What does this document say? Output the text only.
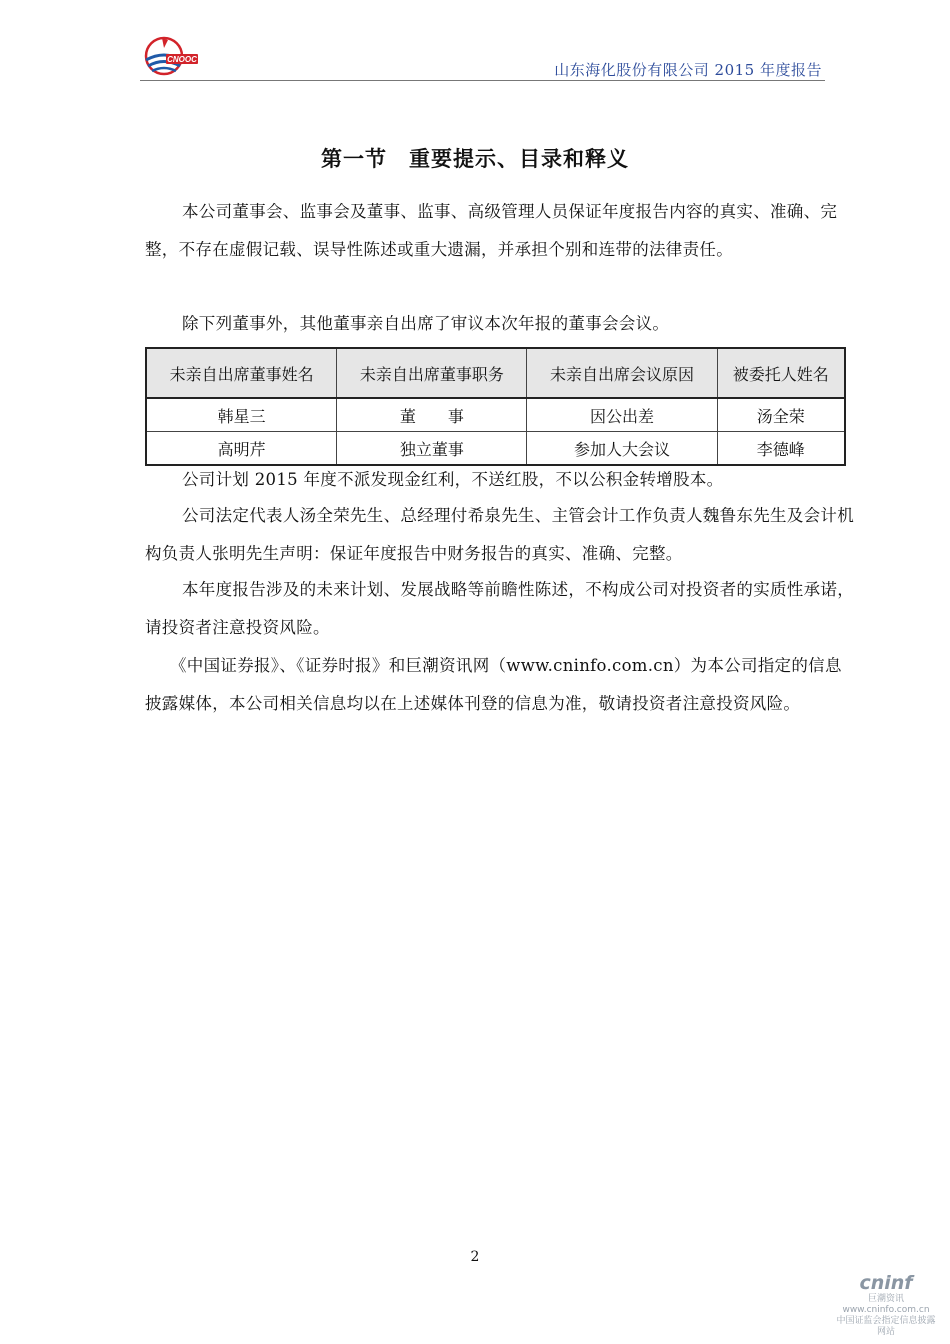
CNOOC
山东海化股份有限公司 2015 年度报告
第一节　重要提示、目录和释义

本公司董事会、监事会及董事、监事、高级管理人员保证年度报告内容的真实、准确、完整，不存在虚假记载、误导性陈述或重大遗漏，并承担个别和连带的法律责任。

除下列董事外，其他董事亲自出席了审议本次年报的董事会会议。

未亲自出席董事姓名	未亲自出席董事职务	未亲自出席会议原因	被委托人姓名
韩星三	董　　事	因公出差	汤全荣
高明芹	独立董事	参加人大会议	李德峰

公司计划 2015 年度不派发现金红利，不送红股，不以公积金转增股本。

公司法定代表人汤全荣先生、总经理付希泉先生、主管会计工作负责人魏鲁东先生及会计机构负责人张明先生声明：保证年度报告中财务报告的真实、准确、完整。

本年度报告涉及的未来计划、发展战略等前瞻性陈述，不构成公司对投资者的实质性承诺，请投资者注意投资风险。

《中国证券报》、《证券时报》和巨潮资讯网（www.cninfo.com.cn）为本公司指定的信息披露媒体，本公司相关信息均以在上述媒体刊登的信息为准，敬请投资者注意投资风险。

2
cninf
巨潮资讯
www.cninfo.com.cn
中国证监会指定信息披露网站
